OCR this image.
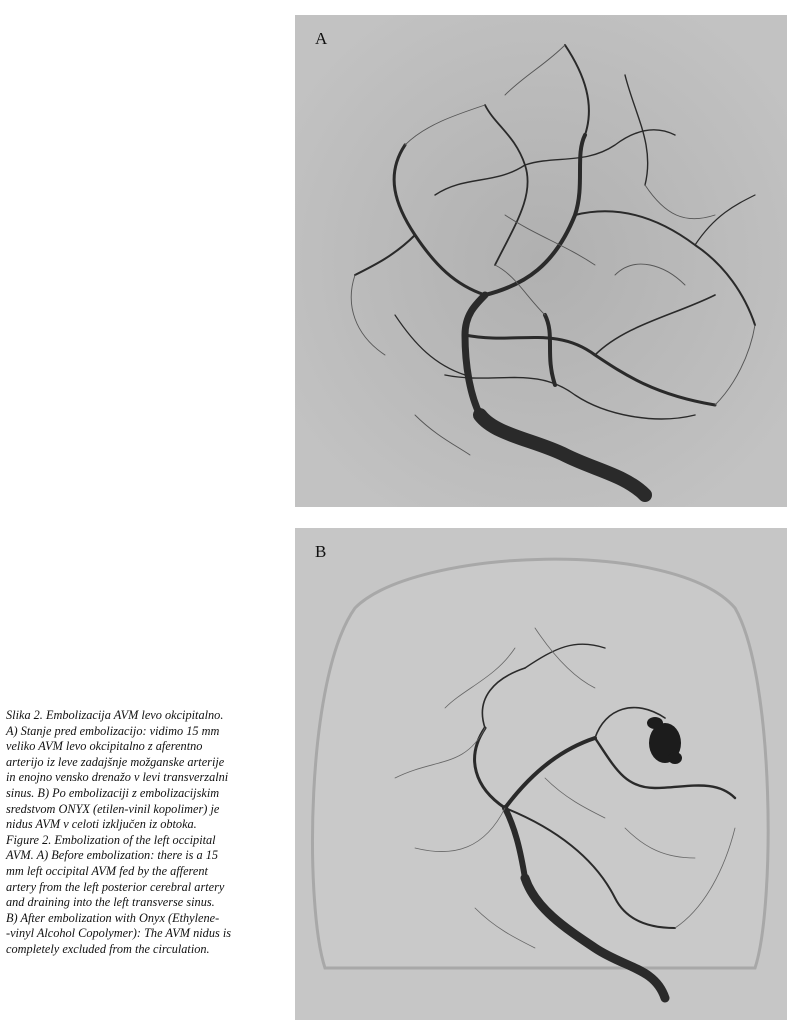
A
B

Slika 2. Embolizacija AVM levo okcipitalno.
A) Stanje pred embolizacijo: vidimo 15 mm
veliko AVM levo okcipitalno z aferentno
arterijo iz leve zadajšnje možganske arterije
in enojno vensko drenažo v levi transverzalni
sinus. B) Po embolizaciji z embolizacijskim
sredstvom ONYX (etilen-vinil kopolimer) je
nidus AVM v celoti izključen iz obtoka.
Figure 2. Embolization of the left occipital
AVM. A) Before embolization: there is a 15
mm left occipital AVM fed by the afferent
artery from the left posterior cerebral artery
and draining into the left transverse sinus.
B) After embolization with Onyx (Ethylene-
-vinyl Alcohol Copolymer): The AVM nidus is
completely excluded from the circulation.
